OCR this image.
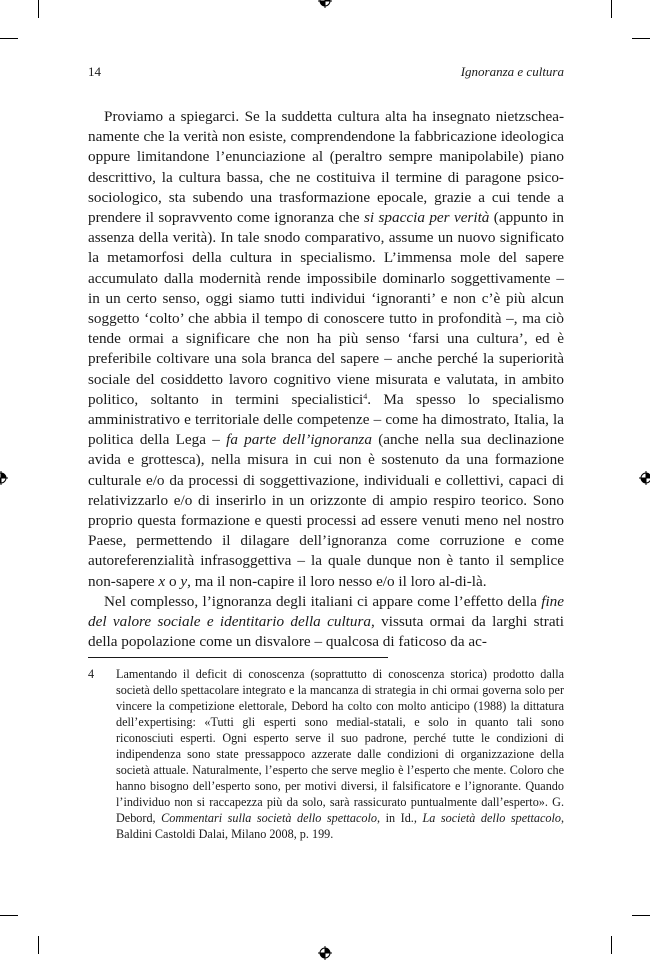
14	Ignoranza e cultura

Proviamo a spiegarci. Se la suddetta cultura alta ha insegnato nietzscheanamente che la verità non esiste, comprendendone la fabbricazione ideologica oppure limitandone l’enunciazione al (peraltro sempre manipolabile) piano descrittivo, la cultura bassa, che ne costituiva il termine di paragone psico-sociologico, sta subendo una trasformazione epocale, grazie a cui tende a prendere il sopravvento come ignoranza che si spaccia per verità (appunto in assenza della verità). In tale snodo comparativo, assume un nuovo significato la metamorfosi della cultura in specialismo. L’immensa mole del sapere accumulato dalla modernità rende impossibile dominarlo soggettivamente – in un certo senso, oggi siamo tutti individui ‘ignoranti’ e non c’è più alcun soggetto ‘colto’ che abbia il tempo di conoscere tutto in profondità –, ma ciò tende ormai a significare che non ha più senso ‘farsi una cultura’, ed è preferibile coltivare una sola branca del sapere – anche perché la superiorità sociale del cosiddetto lavoro cognitivo viene misurata e valutata, in ambito politico, soltanto in termini specialistici$^4$. Ma spesso lo specialismo amministrativo e territoriale delle competenze – come ha dimostrato, Italia, la politica della Lega – fa parte dell’ignoranza (anche nella sua declinazione avida e grottesca), nella misura in cui non è sostenuto da una formazione culturale e/o da processi di soggettivazione, individuali e collettivi, capaci di relativizzarlo e/o di inserirlo in un orizzonte di ampio respiro teorico. Sono proprio questa formazione e questi processi ad essere venuti meno nel nostro Paese, permettendo il dilagare dell’ignoranza come corruzione e come autoreferenzialità infrasoggettiva – la quale dunque non è tanto il semplice non-sapere x o y, ma il non-capire il loro nesso e/o il loro al-di-là.

Nel complesso, l’ignoranza degli italiani ci appare come l’effetto della fine del valore sociale e identitario della cultura, vissuta ormai da larghi strati della popolazione come un disvalore – qualcosa di faticoso da ac-

4 Lamentando il deficit di conoscenza (soprattutto di conoscenza storica) prodotto dalla società dello spettacolare integrato e la mancanza di strategia in chi ormai governa solo per vincere la competizione elettorale, Debord ha colto con molto anticipo (1988) la dittatura dell’expertising: «Tutti gli esperti sono medial-statali, e solo in quanto tali sono riconosciuti esperti. Ogni esperto serve il suo padrone, perché tutte le condizioni di indipendenza sono state pressappoco azzerate dalle condizioni di organizzazione della società attuale. Naturalmente, l’esperto che serve meglio è l’esperto che mente. Coloro che hanno bisogno dell’esperto sono, per motivi diversi, il falsificatore e l’ignorante. Quando l’individuo non si raccapezza più da solo, sarà rassicurato puntualmente dall’esperto». G. Debord, Commentari sulla società dello spettacolo, in Id., La società dello spettacolo, Baldini Castoldi Dalai, Milano 2008, p. 199.
